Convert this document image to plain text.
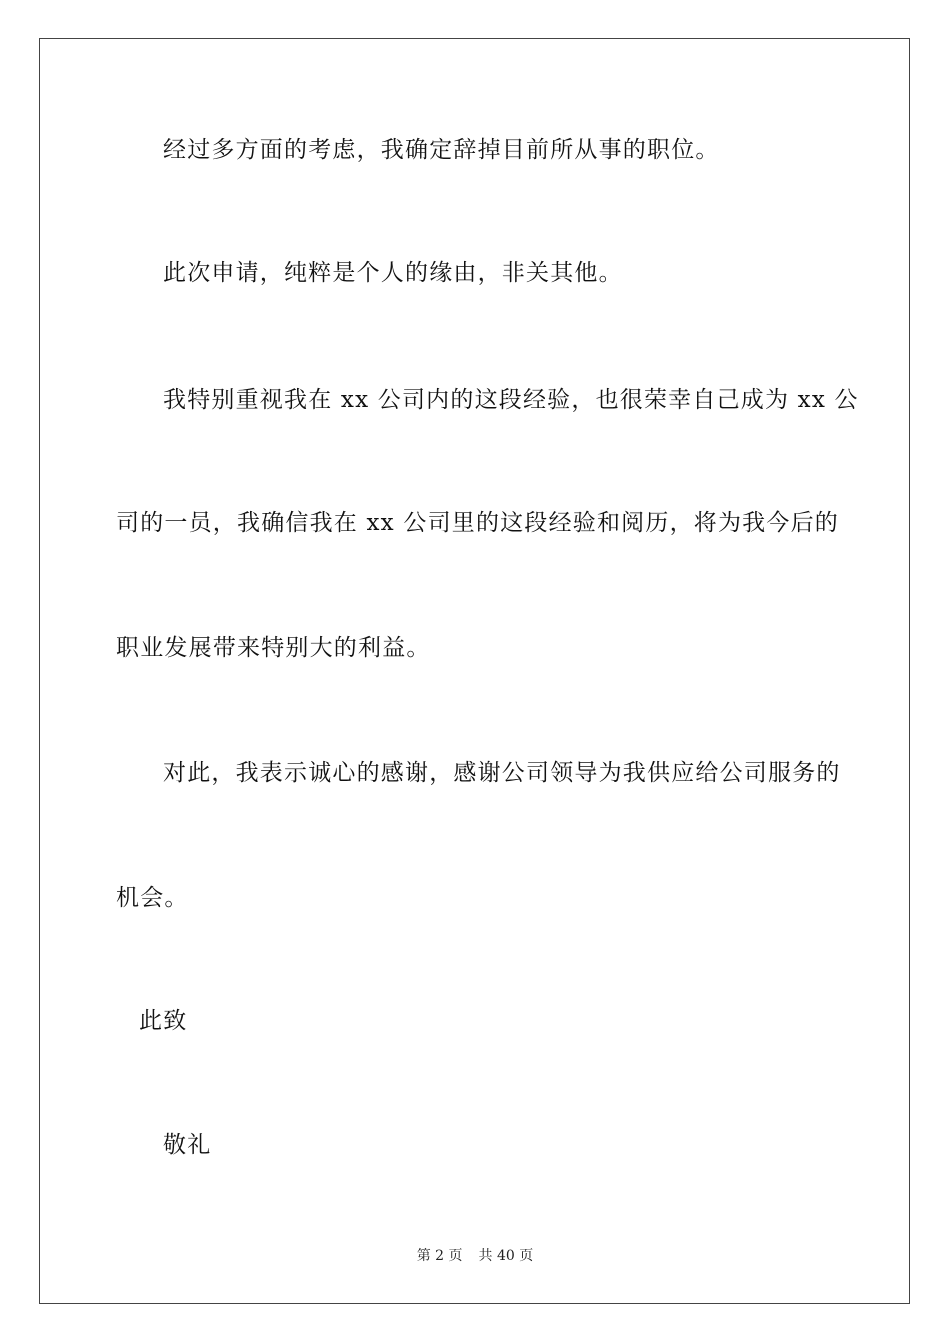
经过多方面的考虑，我确定辞掉目前所从事的职位。
此次申请，纯粹是个人的缘由，非关其他。
我特别重视我在 xx 公司内的这段经验，也很荣幸自己成为 xx 公
司的一员，我确信我在 xx 公司里的这段经验和阅历，将为我今后的
职业发展带来特别大的利益。
对此，我表示诚心的感谢，感谢公司领导为我供应给公司服务的
机会。
此致
敬礼
第 2 页 共 40 页
